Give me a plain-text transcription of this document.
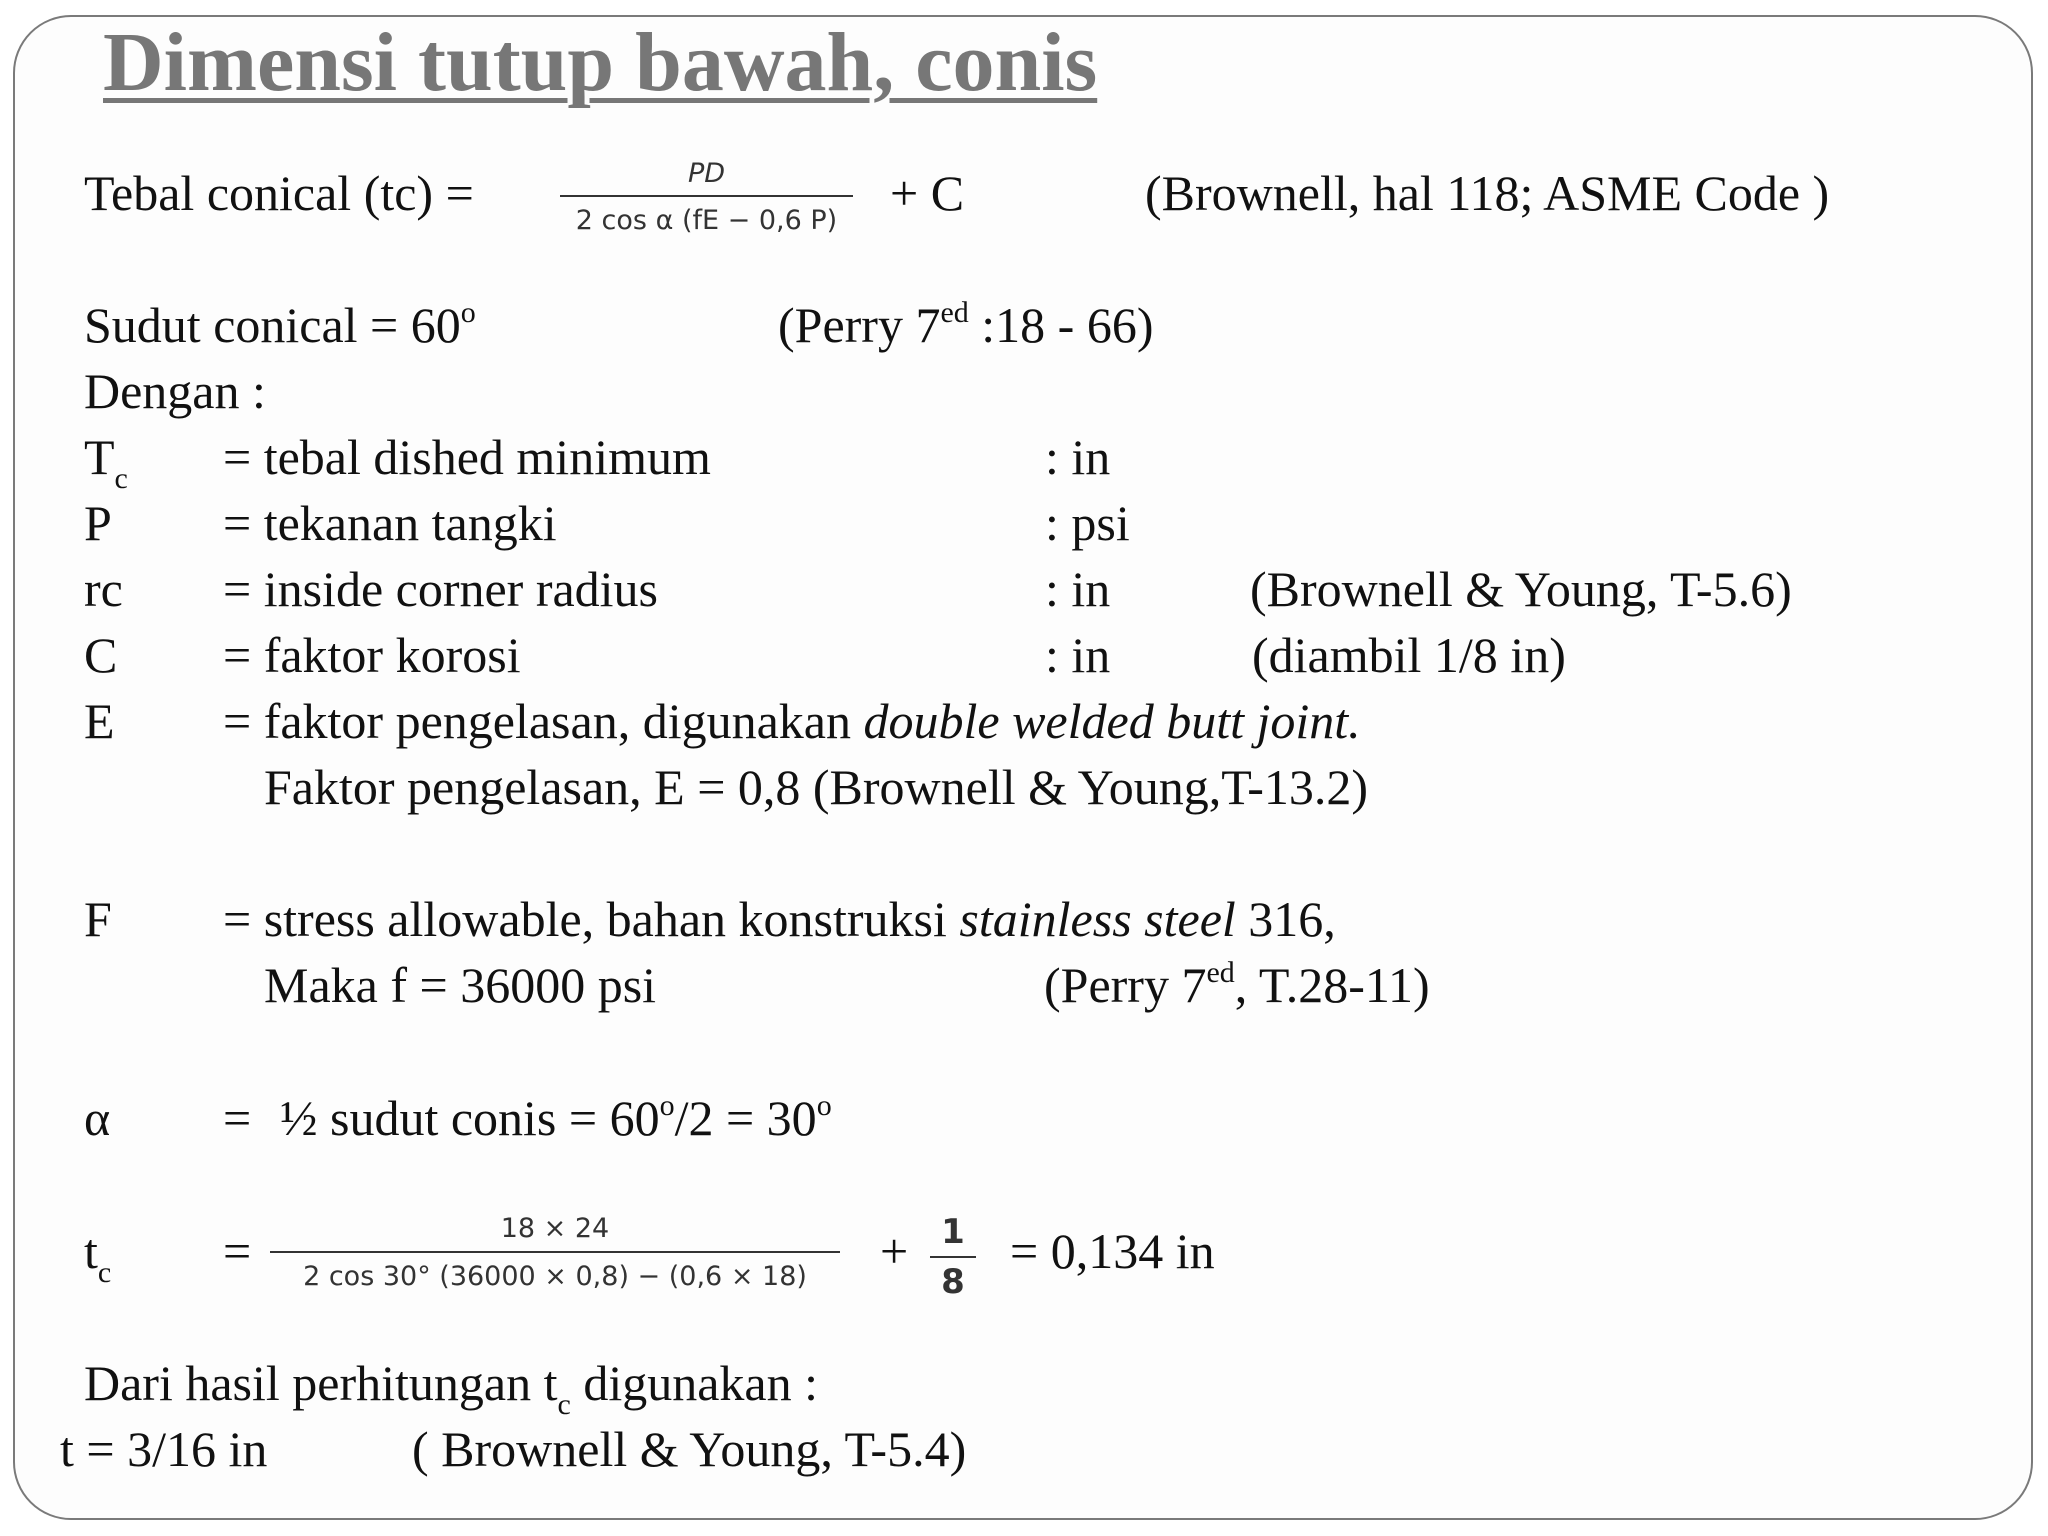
Dimensi tutup bawah, conis
Tebal conical (tc) =	PD
2 cos α (fE − 0,6 P) + C	(Brownell, hal 118; ASME Code )
Sudut conical = $60^o$	(Perry $7^{ed}$ :18 - 66)
Dengan :
$T_c$ = tebal dished minimum	: in
P = tekanan tangki	: psi
rc = inside corner radius	: in	(Brownell & Young, T-5.6)
C = faktor korosi	: in	(diambil 1/8 in)
E = faktor pengelasan, digunakan double welded butt joint.
Faktor pengelasan, E = 0,8 (Brownell & Young,T-13.2)
F = stress allowable, bahan konstruksi stainless steel 316,
Maka f = 36000 psi	(Perry $7^{ed}$, T.28-11)
α = ½ sudut conis = $60^o/2 = 30^o$
$t_c$ =	18 × 24
2 cos 30° (36000 × 0,8) − (0,6 × 18) + 1
8
= 0,134 in
Dari hasil perhitungan $t_c$ digunakan :
t = 3/16 in	( Brownell & Young, T-5.4)
